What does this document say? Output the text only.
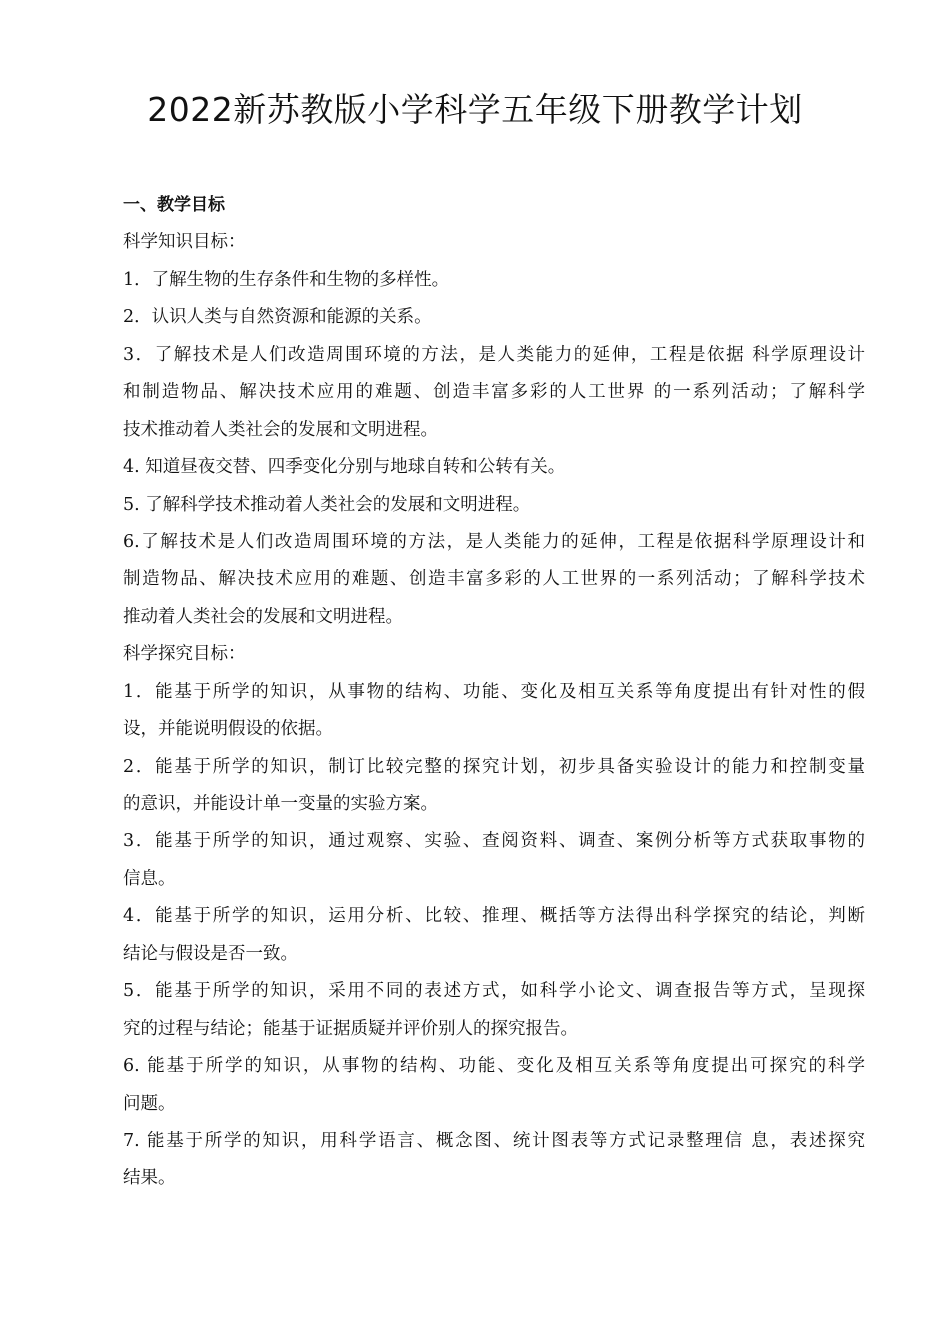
2022新苏教版小学科学五年级下册教学计划
一、教学目标
科学知识目标：
1．了解生物的生存条件和生物的多样性。
2．认识人类与自然资源和能源的关系。
3．了解技术是人们改造周围环境的方法，是人类能力的延伸，工程是依据 科学原理设计
和制造物品、解决技术应用的难题、创造丰富多彩的人工世界 的一系列活动；了解科学
技术推动着人类社会的发展和文明进程。
4. 知道昼夜交替、四季变化分别与地球自转和公转有关。
5. 了解科学技术推动着人类社会的发展和文明进程。
6.了解技术是人们改造周围环境的方法，是人类能力的延伸，工程是依据科学原理设计和
制造物品、解决技术应用的难题、创造丰富多彩的人工世界的一系列活动；了解科学技术
推动着人类社会的发展和文明进程。
科学探究目标：
1．能基于所学的知识，从事物的结构、功能、变化及相互关系等角度提出有针对性的假
设，并能说明假设的依据。
2．能基于所学的知识，制订比较完整的探究计划，初步具备实验设计的能力和控制变量
的意识，并能设计单一变量的实验方案。
3．能基于所学的知识，通过观察、实验、查阅资料、调查、案例分析等方式获取事物的
信息。
4．能基于所学的知识，运用分析、比较、推理、概括等方法得出科学探究的结论，判断
结论与假设是否一致。
5．能基于所学的知识，采用不同的表述方式，如科学小论文、调查报告等方式，呈现探
究的过程与结论；能基于证据质疑并评价别人的探究报告。
6. 能基于所学的知识，从事物的结构、功能、变化及相互关系等角度提出可探究的科学
问题。
7. 能基于所学的知识，用科学语言、概念图、统计图表等方式记录整理信 息，表述探究
结果。
